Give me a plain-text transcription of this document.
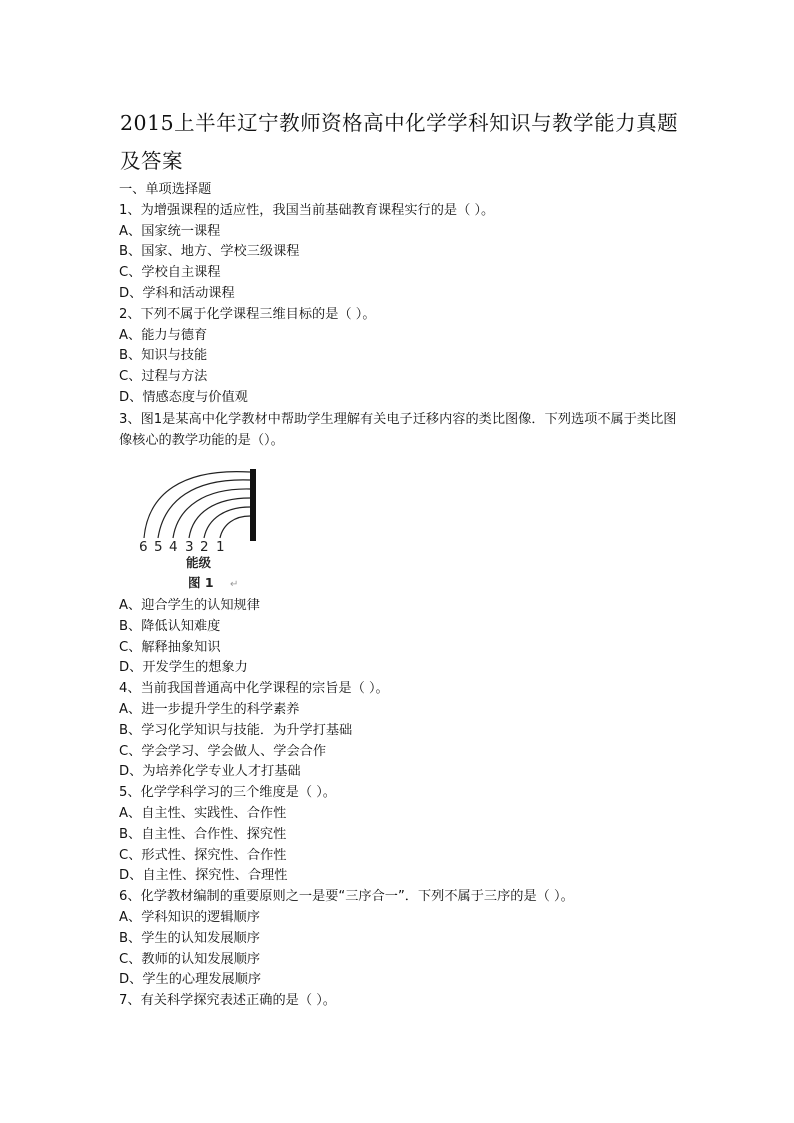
2015上半年辽宁教师资格高中化学学科知识与教学能力真题及答案
一、单项选择题
1、为增强课程的适应性，我国当前基础教育课程实行的是（ ）。
A、国家统一课程
B、国家、地方、学校三级课程
C、学校自主课程
D、学科和活动课程
2、下列不属于化学课程三维目标的是（ ）。
A、能力与德育
B、知识与技能
C、过程与方法
D、情感态度与价值观
3、图1是某高中化学教材中帮助学生理解有关电子迁移内容的类比图像．下列选项不属于类比图像核心的教学功能的是（）。
6 5 4 3 2 1
能级
图 1 ↵
A、迎合学生的认知规律
B、降低认知难度
C、解释抽象知识
D、开发学生的想象力
4、当前我国普通高中化学课程的宗旨是（ ）。
A、进一步提升学生的科学素养
B、学习化学知识与技能．为升学打基础
C、学会学习、学会做人、学会合作
D、为培养化学专业人才打基础
5、化学学科学习的三个维度是（ ）。
A、自主性、实践性、合作性
B、自主性、合作性、探究性
C、形式性、探究性、合作性
D、自主性、探究性、合理性
6、化学教材编制的重要原则之一是要“三序合一”．下列不属于三序的是（ ）。
A、学科知识的逻辑顺序
B、学生的认知发展顺序
C、教师的认知发展顺序
D、学生的心理发展顺序
7、有关科学探究表述正确的是（ ）。
